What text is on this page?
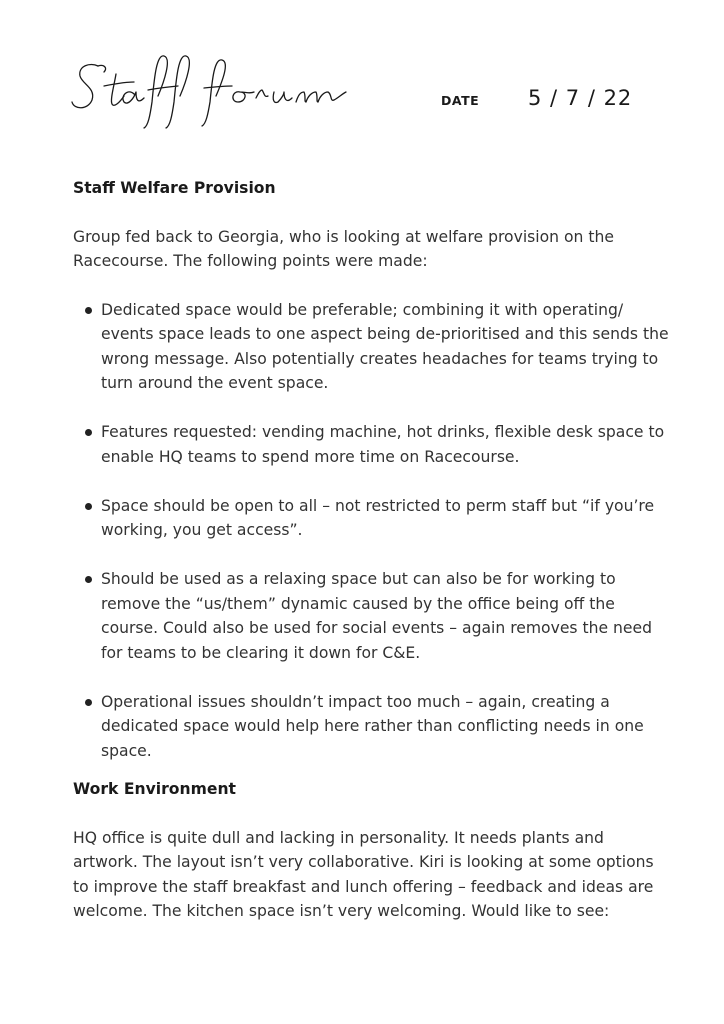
DATE 5 / 7 / 22

Staff Welfare Provision

Group fed back to Georgia, who is looking at welfare provision on the Racecourse. The following points were made:

Dedicated space would be preferable; combining it with operating/ events space leads to one aspect being de-prioritised and this sends the wrong message. Also potentially creates headaches for teams trying to turn around the event space.
Features requested: vending machine, hot drinks, flexible desk space to enable HQ teams to spend more time on Racecourse.
Space should be open to all – not restricted to perm staff but “if you’re working, you get access”.
Should be used as a relaxing space but can also be for working to remove the “us/them” dynamic caused by the office being off the course. Could also be used for social events – again removes the need for teams to be clearing it down for C&E.
Operational issues shouldn’t impact too much – again, creating a dedicated space would help here rather than conflicting needs in one space.

Work Environment

HQ office is quite dull and lacking in personality. It needs plants and artwork. The layout isn’t very collaborative. Kiri is looking at some options to improve the staff breakfast and lunch offering – feedback and ideas are welcome. The kitchen space isn’t very welcoming. Would like to see:
